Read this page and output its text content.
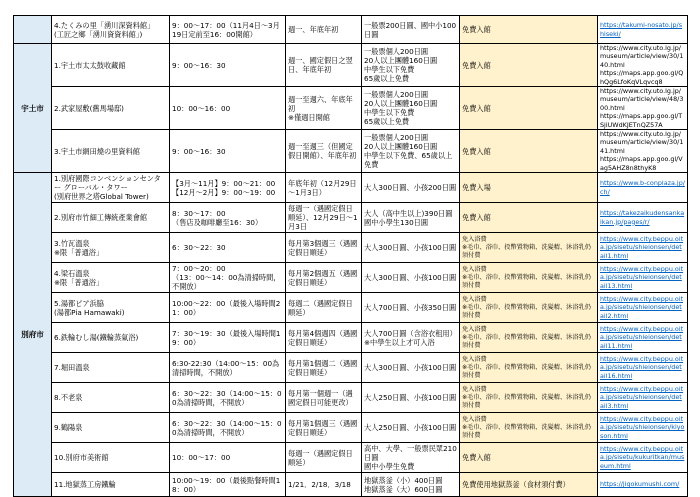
	4.たくみの里「湧川深資料館」
(工匠之鄉「湧川資資料館」)	9：00～17：00（11月4日～3月19日定前至16：00開館）	週一、年底年初	一般票200日圓、國中小100日圓	免費入館	https://takumi-nosato.jp/shiseki/
宇土市	1.宇土市太太鼓收藏館	9：00～16：30	週一、國定假日之翌日、年底年初	一般票個人200日圓
20人以上團體160日圓
中學生以下免費
65歲以上免費	免費入館	https://www.city.uto.lg.jp/museum/article/view/30/140.html
https://maps.app.goo.gl/QhQg6LfoKqVLqvcq8
	2.武家屋敷(舊馬場邸)	10：00～16：00	週一至週六、年底年初
※僅週日開館	一般票個人200日圓
20人以上團體160日圓
中學生以下免費
65歲以上免費	免費入館	https://www.city.uto.lg.jp/museum/article/view/48/300.html
https://maps.app.goo.gl/TSjiUWdKJETnQZ57A
	3.宇土市網田燒の里資料館	9：00～16：30	週一至週三（但國定假日開館）、年底年初	一般票個人200日圓
20人以上團體160日圓
中學生以下免費、65歲以上免費	免費入館	https://www.city.uto.lg.jp/museum/article/view/30/141.html
https://maps.app.goo.gl/Vag5AHZ8n8thyK8
別府市	1.別府國際コンベンションセンター グローバル・タワー
(別府世界之塔Global Tower)	【3月～11月】9：00～21：00
【12月～2月】9：00～19：00	年底年初（12月29日～1月3日）	大人300日圓、小孩200日圓	免費入場	https://www.b-conplaza.jp/ch/
	2.別府市竹細工傳統產業會館	8：30～17：00
（售店及咖啡廳至16：30）	每週一（遇國定假日順延）、12月29日～1月3日	大人（高中生以上)390日圓
國中小學生130日圓	免費入館	https://takezaikudensankaikan.jp/pages/r/
	3.竹瓦溫泉
※限「普通浴」	6：30～22：30	每月第3個週三（遇國定假日順延）	大人300日圓、小孩100日圓	免入浴費
※毛巾、浴巾、投幣置物箱、洗髮精、沐浴乳仍須付費	https://www.city.beppu.oita.jp/sisetu/shieionsen/detail1.html
	4.梁石溫泉
※限「普通浴」	7：00～20：00
（13：00～14：00為清掃時間，不開放）	每月第2個週五（遇國定假日順延）	大人300日圓、小孩100日圓	免入浴費
※毛巾、浴巾、投幣置物箱、洗髮精、沐浴乳仍須付費	https://www.city.beppu.oita.jp/sisetu/shieionsen/detail13.html
	5.湯都ピア浜脇
(湯都Pia Hamawaki)	10:00～22：00（最後入場時間21：00）	每週二（遇國定假日順延）	大人700日圓、小孩350日圓	免入浴費
※毛巾、浴巾、投幣置物箱、洗髮精、沐浴乳仍須付費	https://www.city.beppu.oita.jp/sisetu/shieionsen/detail2.html
	6.鉄輪むし湯(鐵輪蒸氣浴)	7：30～19：30（最後入場時間19：00）	每月第4個週四（遇國定假日順延）	大人700日圓（含浴衣租用）
※中學生以上才可入浴	免入浴費
※毛巾、浴巾、投幣置物箱、洗髮精、沐浴乳仍須付費	https://www.city.beppu.oita.jp/sisetu/shieionsen/detail11.html
	7.堀田溫泉	6:30-22:30（14:00～15：00為清掃時間，不開放）	每月第1個週二（遇國定假日順延）	大人300日圓、小孩100日圓	免入浴費
※毛巾、浴巾、投幣置物箱、洗髮精、沐浴乳仍須付費	https://www.city.beppu.oita.jp/sisetu/shieionsen/detail16.html
	8.不老泉	6：30～22：30（14:00～15：00為清掃時間，不開放）	每月第一個週一（遇國定假日可能更改）	大人250日圓、小孩100日圓	免入浴費
※毛巾、浴巾、投幣置物箱、洗髮精、沐浴乳仍須付費	https://www.city.beppu.oita.jp/sisetu/shieionsen/detail3.html
	9.鶴陽泉	6：30～22：30（14:00～15：00為清掃時間，不開放）	每月第1個週三（遇國定假日順延）	大人250日圓、小孩100日圓	免入浴費
※毛巾、浴巾、投幣置物箱、洗髮精、沐浴乳仍須付費	https://www.city.beppu.oita.jp/sisetu/shieionsen/kiyoson.html
	10.別府市美術館	10：00～17：00	每週一（遇國定假日順延）	高中、大學、一般票民眾210日圓
國中小學生免費	免費入館	https://www.city.beppu.oita.jp/sisetu/kukuritkan/museum.html
	11.地獄蒸工房鐵輪	10:00～19：00（最後點餐時間18：00）	1/21．2/18．3/18	地獄蒸釜（小）400日圓
地獄蒸釜（大）600日圓	免費使用地獄蒸釜（食材須付費）	https://jigokumushi.com/
